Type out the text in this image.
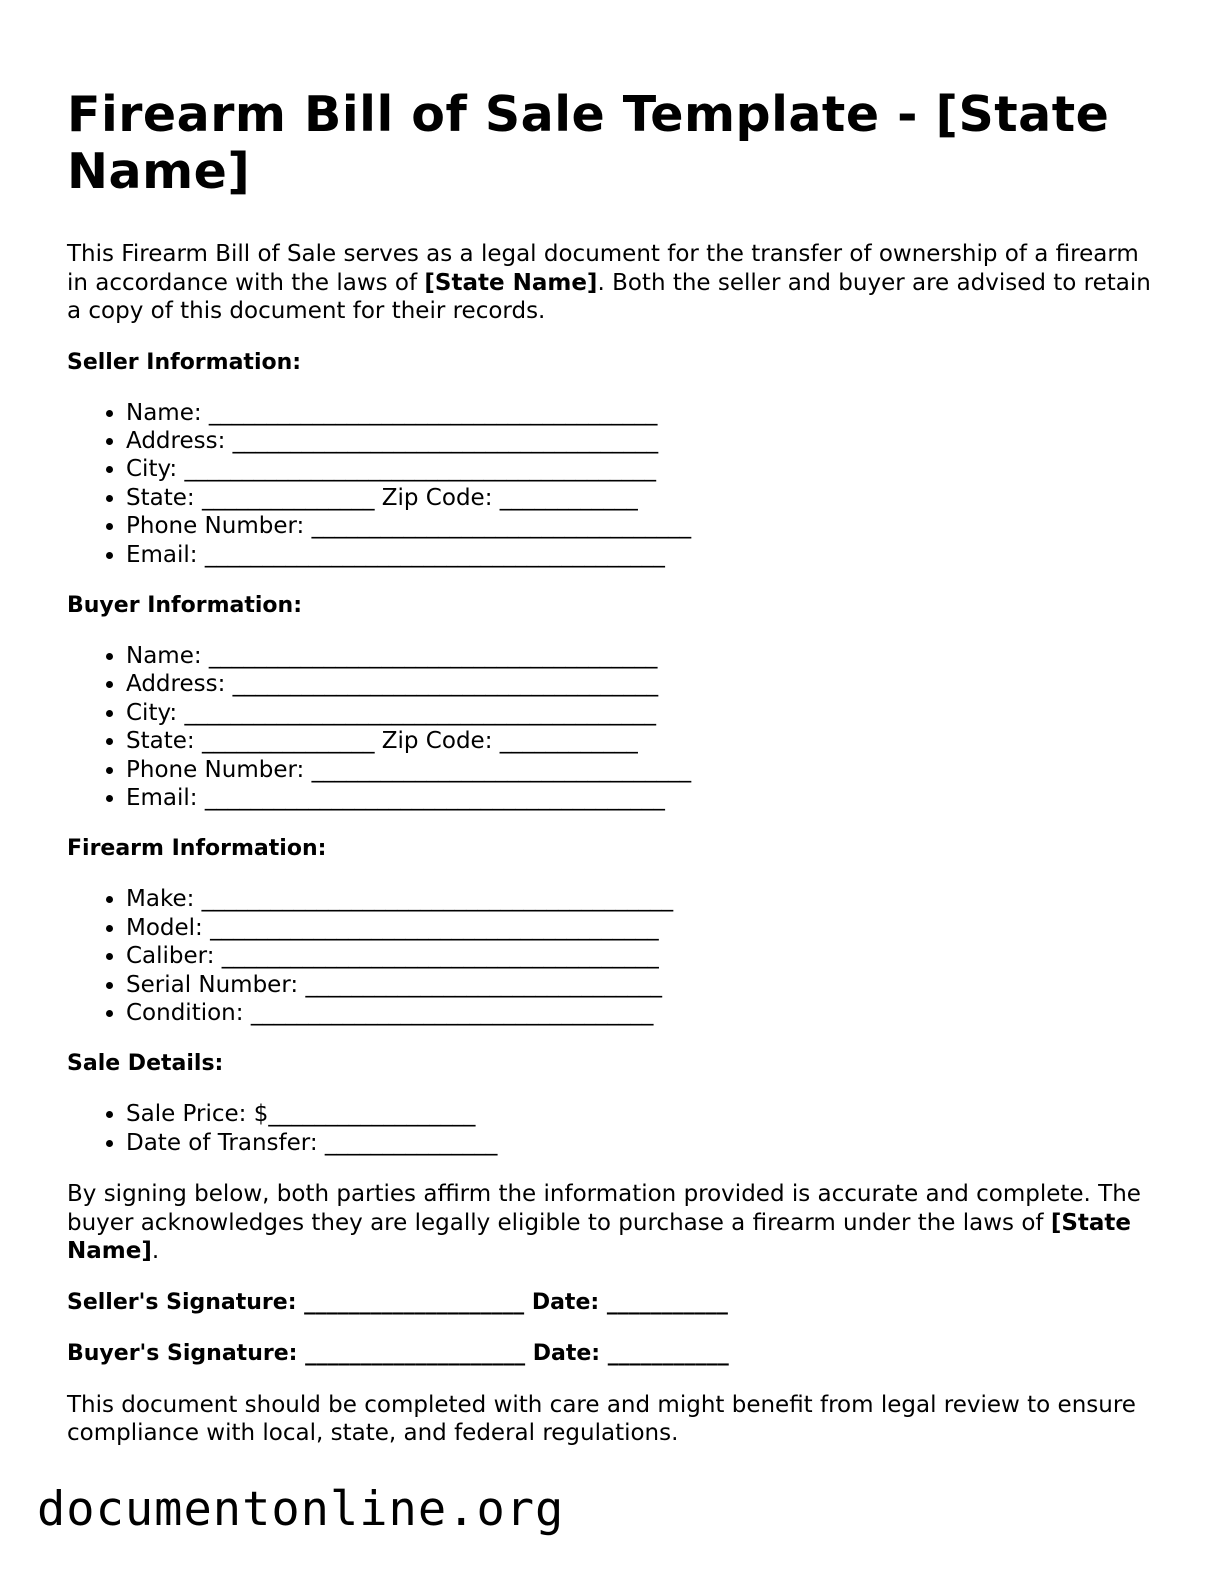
Firearm Bill of Sale Template - [State Name]

This Firearm Bill of Sale serves as a legal document for the transfer of ownership of a firearm in accordance with the laws of [State Name]. Both the seller and buyer are advised to retain a copy of this document for their records.

Seller Information:
• Name: _______________________________________
• Address: _____________________________________
• City: _________________________________________
• State: _______________ Zip Code: ____________
• Phone Number: _________________________________
• Email: ________________________________________
Buyer Information:
• Name: _______________________________________
• Address: _____________________________________
• City: _________________________________________
• State: _______________ Zip Code: ____________
• Phone Number: _________________________________
• Email: ________________________________________
Firearm Information:
• Make: _________________________________________
• Model: _______________________________________
• Caliber: ______________________________________
• Serial Number: _______________________________
• Condition: ___________________________________
Sale Details:
• Sale Price: $__________________
• Date of Transfer: _______________

By signing below, both parties affirm the information provided is accurate and complete. The buyer acknowledges they are legally eligible to purchase a firearm under the laws of [State Name].

Seller's Signature: ____________________ Date: ___________
Buyer's Signature: ____________________ Date: ___________

This document should be completed with care and might benefit from legal review to ensure compliance with local, state, and federal regulations.

documentonline.org
